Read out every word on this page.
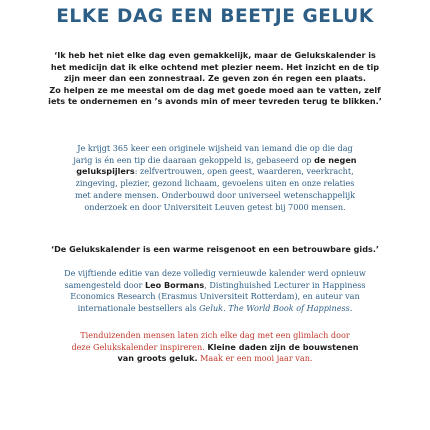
ELKE DAG EEN BEETJE GELUK
‘Ik heb het niet elke dag even gemakkelijk, maar de Gelukskalender is
het medicijn dat ik elke ochtend met plezier neem. Het inzicht en de tip
zijn meer dan een zonnestraal. Ze geven zon én regen een plaats.
Zo helpen ze me meestal om de dag met goede moed aan te vatten, zelf
iets te ondernemen en ’s avonds min of meer tevreden terug te blikken.’
Je krijgt 365 keer een originele wijsheid van iemand die op die dag
jarig is én een tip die daaraan gekoppeld is, gebaseerd op de negen
gelukspijlers: zelfvertrouwen, open geest, waarderen, veerkracht,
zingeving, plezier, gezond lichaam, gevoelens uiten en onze relaties
met andere mensen. Onderbouwd door universeel wetenschappelijk
onderzoek en door Universiteit Leuven getest bij 7000 mensen.
‘De Gelukskalender is een warme reisgenoot en een betrouwbare gids.’
De vijftiende editie van deze volledig vernieuwde kalender werd opnieuw
samengesteld door Leo Bormans, Distinghuished Lecturer in Happiness
Economics Research (Erasmus Universiteit Rotterdam), en auteur van
internationale bestsellers als Geluk. The World Book of Happiness.
Tienduizenden mensen laten zich elke dag met een glimlach door
deze Gelukskalender inspireren. Kleine daden zijn de bouwstenen
van groots geluk. Maak er een mooi jaar van.
